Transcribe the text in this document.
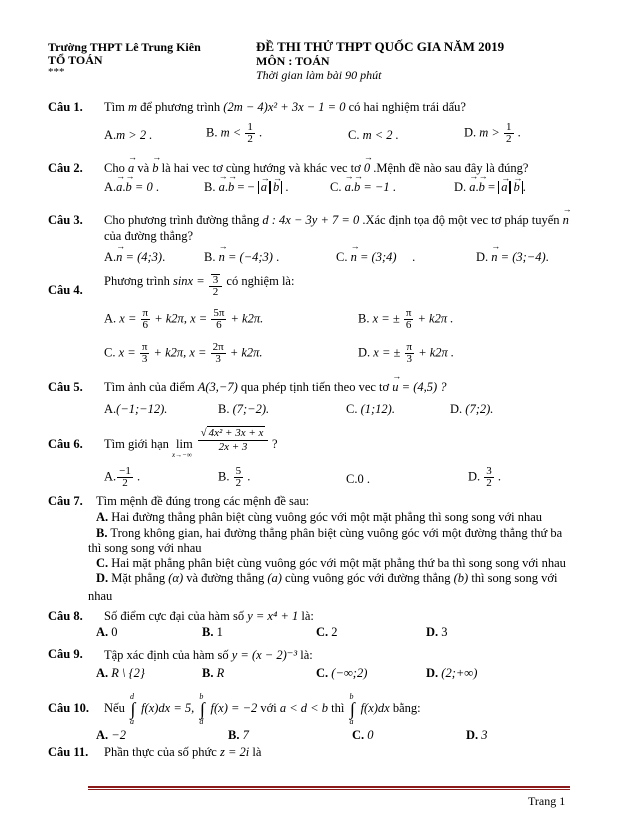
Trường THPT Lê Trung Kiên
TỔ TOÁN
***
ĐỀ THI THỬ THPT QUỐC GIA NĂM 2019
MÔN : TOÁN
Thời gian làm bài 90 phút
Câu 1. Tìm m để phương trình (2m − 4)x² + 3x − 1 = 0 có hai nghiệm trái dấu?
A.m > 2 .	B. $m < \frac{1}{2}$ .	C. m < 2 .	D. $m > \frac{1}{2}$ .
Câu 2. Cho → a và → b là hai vec tơ cùng hướng và khác vec tơ → 0 .Mệnh đề nào sau đây là đúng?
A.→ a.→ b = 0 .	B. → a.→ b = − → a → b .	C. → a.→ b = −1 .	D. → a.→ b = → a → b .
Câu 3. Cho phương trình đường thẳng d : 4x − 3y + 7 = 0 .Xác định tọa độ một vec tơ pháp tuyến → n
của đường thẳng?
A.→ n = (4;3).	B. → n = (−4;3) .	C. → n = (3;4)     .	D. → n = (3;−4).
Câu 4.
Phương trình $\sin x = \frac{3}{2}$ có nghiệm là:
A. $x = \frac{\pi}{6} + k2\pi$, $x = \frac{5\pi}{6} + k2\pi$.	B. x = ± $\frac{\pi}{6} + k2\pi$ .
C. $x = \frac{\pi}{3} + k2\pi$, $x = \frac{2\pi}{3} + k2\pi$.	D. x = ± $\frac{\pi}{3} + k2\pi$ .
Câu 5. Tìm ảnh của điểm A(3,−7) qua phép tịnh tiến theo vec tơ → u = (4,5) ?
A.(−1;−12).	B. (7;−2).	C. (1;12).	D. (7;2).
Câu 6. Tìm giới hạn lim
x→−∞
√ 4x² + 3x + x
2x + 3	?
A. $\frac{-1}{2}$ .	B. $\frac{5}{2}$ .	C.0 .	D. $\frac{3}{2}$ .
Câu 7. Tìm mệnh đề đúng trong các mệnh đề sau:
A. Hai đường thẳng phân biệt cùng vuông góc với một mặt phẳng thì song song với nhau
B. Trong không gian, hai đường thẳng phân biệt cùng vuông góc với một đường thẳng thứ ba
thì song song với nhau
C. Hai mặt phẳng phân biệt cùng vuông góc với một mặt phẳng thứ ba thì song song với nhau
D. Mặt phẳng (α) và đường thẳng (a) cùng vuông góc với đường thẳng (b) thì song song với
nhau
Câu 8. Số điểm cực đại của hàm số y = x⁴ + 1 là:
A. 0	B. 1	C. 2	D. 3
Câu 9. Tập xác định của hàm số y = (x − 2)⁻³ là:
A. R \ {2}	B. R	C. (−∞;2)	D. (2;+∞)
Câu 10. Nếu ∫
d
a
f(x)dx = 5, ∫
b
d
f(x) = −2 với a < d < b thì ∫
b
a
f(x)dx bằng:
A. −2	B. 7	C. 0	D. 3
Câu 11. Phần thực của số phức z = 2i là
Trang 1
